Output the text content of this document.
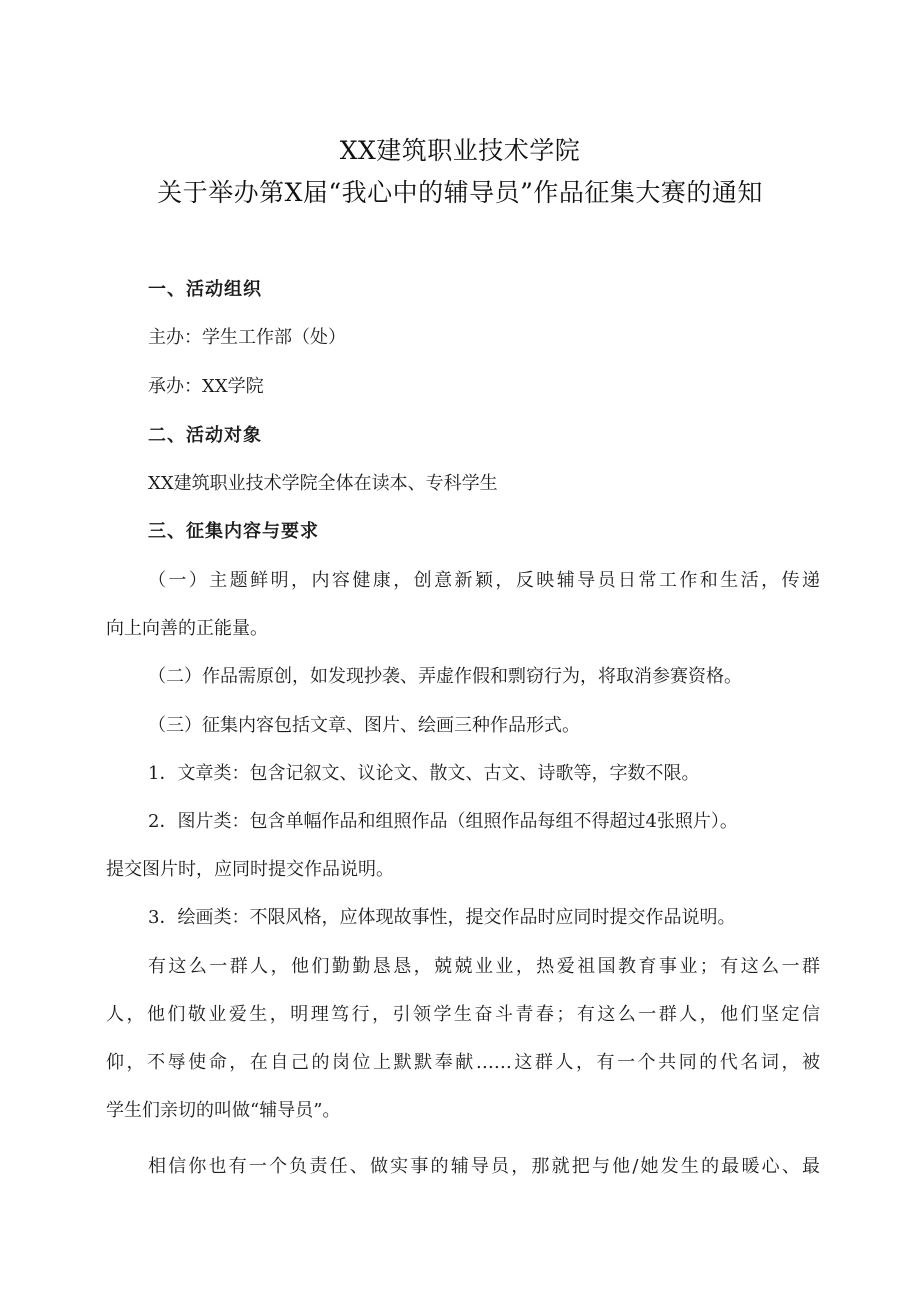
XX建筑职业技术学院
关于举办第X届“我心中的辅导员”作品征集大赛的通知
一、活动组织
主办：学生工作部（处）
承办：XX学院
二、活动对象
XX建筑职业技术学院全体在读本、专科学生
三、征集内容与要求
（一）主题鲜明，内容健康，创意新颖，反映辅导员日常工作和生活，传递
向上向善的正能量。
（二）作品需原创，如发现抄袭、弄虚作假和剽窃行为，将取消参赛资格。
（三）征集内容包括文章、图片、绘画三种作品形式。
1．文章类：包含记叙文、议论文、散文、古文、诗歌等，字数不限。
2．图片类：包含单幅作品和组照作品（组照作品每组不得超过4张照片）。
提交图片时，应同时提交作品说明。
3．绘画类：不限风格，应体现故事性，提交作品时应同时提交作品说明。
有这么一群人，他们勤勤恳恳，兢兢业业，热爱祖国教育事业；有这么一群
人，他们敬业爱生，明理笃行，引领学生奋斗青春；有这么一群人，他们坚定信
仰，不辱使命，在自己的岗位上默默奉献……这群人，有一个共同的代名词，被
学生们亲切的叫做“辅导员”。
相信你也有一个负责任、做实事的辅导员，那就把与他/她发生的最暖心、最
